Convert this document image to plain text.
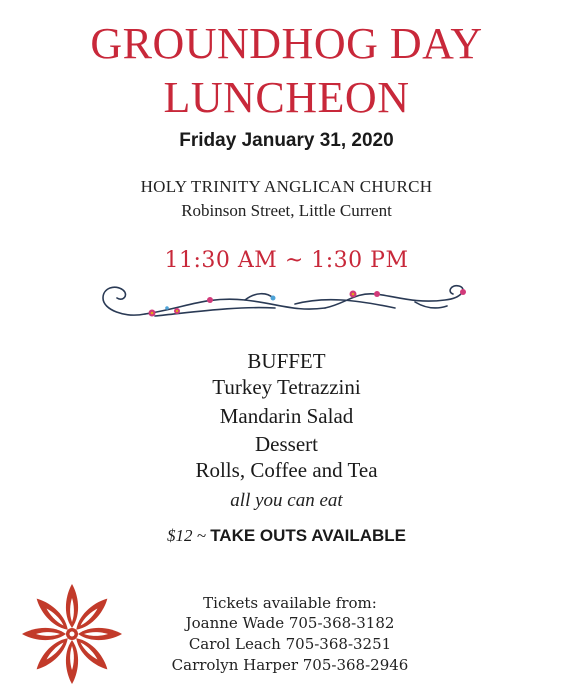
GROUNDHOG DAY
LUNCHEON
Friday January 31, 2020
HOLY TRINITY ANGLICAN CHURCH
Robinson Street, Little Current
11:30 AM ~ 1:30 PM
BUFFET
Turkey Tetrazzini
Mandarin Salad
Dessert
Rolls, Coffee and Tea
all you can eat
$12 ~ TAKE OUTS AVAILABLE
Tickets available from:
Joanne Wade 705-368-3182
Carol Leach 705-368-3251
Carrolyn Harper 705-368-2946
